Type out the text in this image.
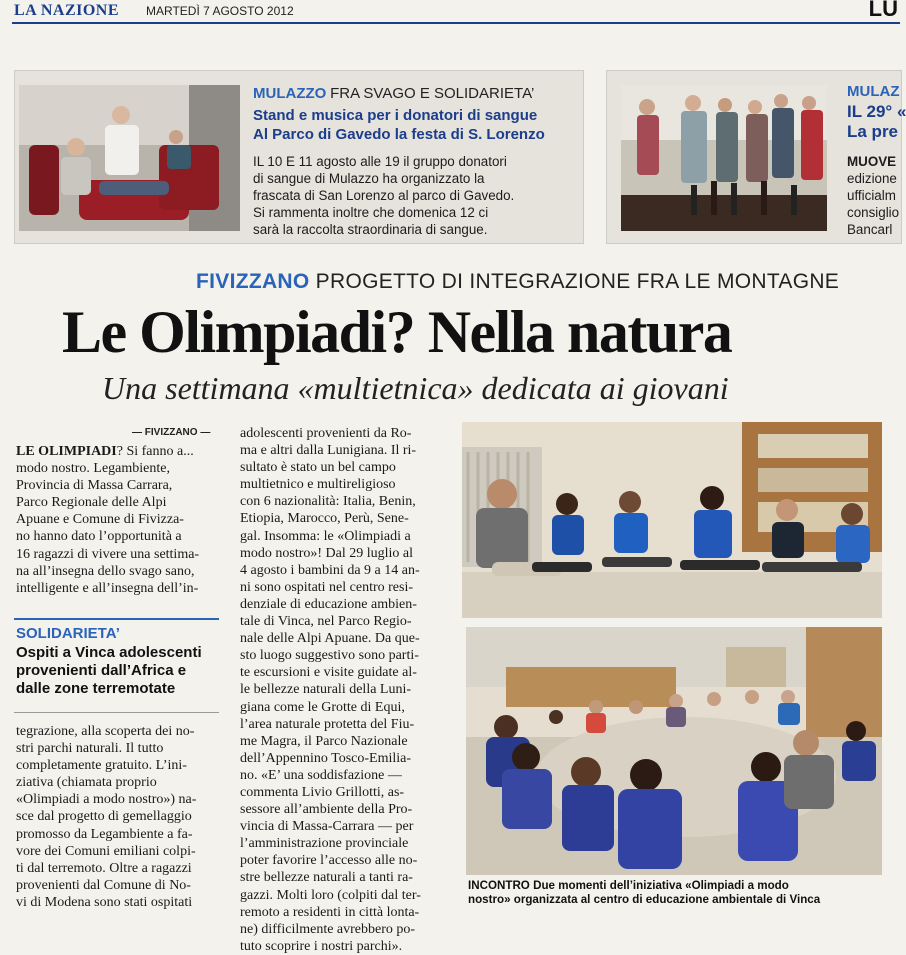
LA NAZIONE MARTEDÌ 7 AGOSTO 2012	LU
MULAZZO FRA SVAGO E SOLIDARIETA’
Stand e musica per i donatori di sangue
Al Parco di Gavedo la festa di S. Lorenzo
IL 10 E 11 agosto alle 19 il gruppo donatori
di sangue di Mulazzo ha organizzato la
frascata di San Lorenzo al parco di Gavedo.
Si rammenta inoltre che domenica 12 ci
sarà la raccolta straordinaria di sangue.
MULAZ
IL 29° «
La pre
MUOVE
edizione
ufficialm
consiglio
Bancarl
FIVIZZANO PROGETTO DI INTEGRAZIONE FRA LE MONTAGNE
Le Olimpiadi? Nella natura
Una settimana «multietnica» dedicata ai giovani
— FIVIZZANO —

LE OLIMPIADI? Si fanno a...

modo nostro. Legambiente,

Provincia di Massa Carrara,

Parco Regionale delle Alpi

Apuane e Comune di Fivizza-

no hanno dato l’opportunità a

16 ragazzi di vivere una settima-

na all’insegna dello svago sano,

intelligente e all’insegna dell’in-

SOLIDARIETA’
Ospiti a Vinca adolescenti
provenienti dall’Africa e
dalle zone terremotate

tegrazione, alla scoperta dei no-

stri parchi naturali. Il tutto

completamente gratuito. L’ini-

ziativa (chiamata proprio

«Olimpiadi a modo nostro») na-

sce dal progetto di gemellaggio

promosso da Legambiente a fa-

vore dei Comuni emiliani colpi-

ti dal terremoto. Oltre a ragazzi

provenienti dal Comune di No-

vi di Modena sono stati ospitati

adolescenti provenienti da Ro-

ma e altri dalla Lunigiana. Il ri-

sultato è stato un bel campo

multietnico e multireligioso

con 6 nazionalità: Italia, Benin,

Etiopia, Marocco, Perù, Sene-

gal. Insomma: le «Olimpiadi a

modo nostro»! Dal 29 luglio al

4 agosto i bambini da 9 a 14 an-

ni sono ospitati nel centro resi-

denziale di educazione ambien-

tale di Vinca, nel Parco Regio-

nale delle Alpi Apuane. Da que-

sto luogo suggestivo sono parti-

te escursioni e visite guidate al-

le bellezze naturali della Luni-

giana come le Grotte di Equi,

l’area naturale protetta del Fiu-

me Magra, il Parco Nazionale

dell’Appennino Tosco-Emilia-

no. «E’ una soddisfazione —

commenta Livio Grillotti, as-

sessore all’ambiente della Pro-

vincia di Massa-Carrara — per

l’amministrazione provinciale

poter favorire l’accesso alle no-

stre bellezze naturali a tanti ra-

gazzi. Molti loro (colpiti dal ter-

remoto a residenti in città lonta-

ne) difficilmente avrebbero po-

tuto scoprire i nostri parchi».

INCONTRO Due momenti dell’iniziativa «Olimpiadi a modo
nostro» organizzata al centro di educazione ambientale di Vinca
